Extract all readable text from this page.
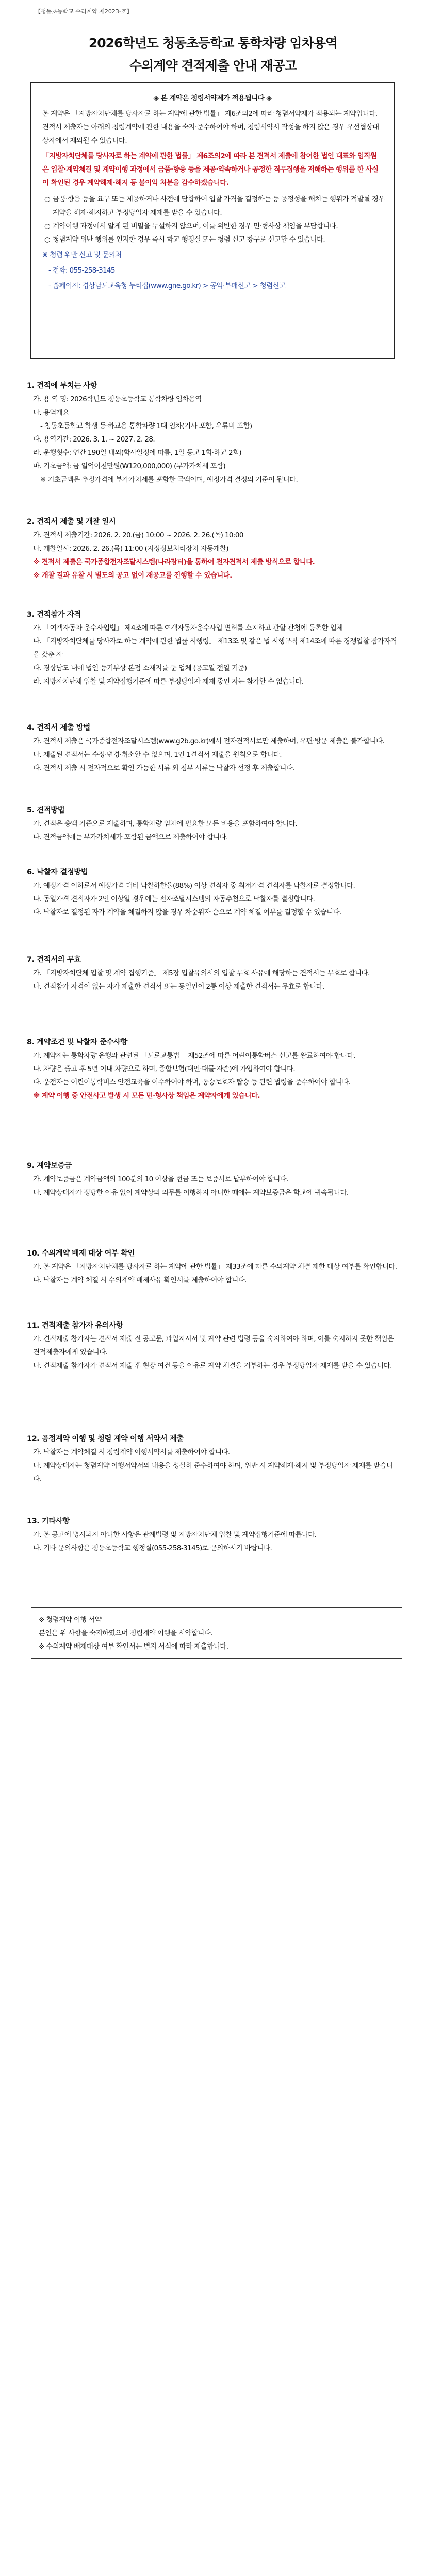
【청동초등학교 수리계약 제2023-호】
2026학년도 청동초등학교 통학차량 임차용역
수의계약 견적제출 안내 재공고
◈ 본 계약은 청렴서약제가 적용됩니다 ◈

본 계약은 「지방자치단체를 당사자로 하는 계약에 관한 법률」 제6조의2에 따라 청렴서약제가 적용되는 계약입니다. 견적서 제출자는 아래의 청렴계약에 관한 내용을 숙지·준수하여야 하며, 청렴서약서 작성을 하지 않은 경우 우선협상대상자에서 제외될 수 있습니다.

「지방자치단체를 당사자로 하는 계약에 관한 법률」 제6조의2에 따라 본 견적서 제출에 참여한 법인 대표와 임직원은 입찰·계약체결 및 계약이행 과정에서 금품·향응 등을 제공·약속하거나 공정한 직무집행을 저해하는 행위를 한 사실이 확인된 경우 계약해제·해지 등 불이익 처분을 감수하겠습니다.

○ 금품·향응 등을 요구 또는 제공하거나 사전에 담합하여 입찰 가격을 결정하는 등 공정성을 해치는 행위가 적발될 경우 계약을 해제·해지하고 부정당업자 제재를 받을 수 있습니다.
○ 계약이행 과정에서 알게 된 비밀을 누설하지 않으며, 이를 위반한 경우 민·형사상 책임을 부담합니다.
○ 청렴계약 위반 행위를 인지한 경우 즉시 학교 행정실 또는 청렴 신고 창구로 신고할 수 있습니다.

※ 청렴 위반 신고 및 문의처

- 전화: 055-258-3145
- 홈페이지: 경상남도교육청 누리집(www.gne.go.kr) > 공익·부패신고 > 청렴신고
1. 견적에 부치는 사항
가. 용 역 명: 2026학년도 청동초등학교 통학차량 임차용역
나. 용역개요
- 청동초등학교 학생 등·하교용 통학차량 1대 임차(기사 포함, 유류비 포함)
다. 용역기간: 2026. 3. 1. ~ 2027. 2. 28.
라. 운행횟수: 연간 190일 내외(학사일정에 따름, 1일 등교 1회·하교 2회)
마. 기초금액: 금 일억이천만원(₩120,000,000) (부가가치세 포함)
※ 기초금액은 추정가격에 부가가치세를 포함한 금액이며, 예정가격 결정의 기준이 됩니다.
2. 견적서 제출 및 개찰 일시
가. 견적서 제출기간: 2026. 2. 20.(금) 10:00 ~ 2026. 2. 26.(목) 10:00
나. 개찰일시: 2026. 2. 26.(목) 11:00 (지정정보처리장치 자동개찰)
※ 견적서 제출은 국가종합전자조달시스템(나라장터)을 통하여 전자견적서 제출 방식으로 합니다.
※ 개찰 결과 유찰 시 별도의 공고 없이 재공고를 진행할 수 있습니다.
3. 견적참가 자격
가. 「여객자동차 운수사업법」 제4조에 따른 여객자동차운수사업 면허를 소지하고 관할 관청에 등록한 업체
나. 「지방자치단체를 당사자로 하는 계약에 관한 법률 시행령」 제13조 및 같은 법 시행규칙 제14조에 따른 경쟁입찰 참가자격을 갖춘 자
다. 경상남도 내에 법인 등기부상 본점 소재지를 둔 업체 (공고일 전일 기준)
라. 지방자치단체 입찰 및 계약집행기준에 따른 부정당업자 제재 중인 자는 참가할 수 없습니다.
4. 견적서 제출 방법
가. 견적서 제출은 국가종합전자조달시스템(www.g2b.go.kr)에서 전자견적서로만 제출하며, 우편·방문 제출은 불가합니다.
나. 제출된 견적서는 수정·변경·취소할 수 없으며, 1인 1견적서 제출을 원칙으로 합니다.
다. 견적서 제출 시 전자적으로 확인 가능한 서류 외 첨부 서류는 낙찰자 선정 후 제출합니다.
5. 견적방법
가. 견적은 총액 기준으로 제출하며, 통학차량 임차에 필요한 모든 비용을 포함하여야 합니다.
나. 견적금액에는 부가가치세가 포함된 금액으로 제출하여야 합니다.
6. 낙찰자 결정방법
가. 예정가격 이하로서 예정가격 대비 낙찰하한율(88%) 이상 견적자 중 최저가격 견적자를 낙찰자로 결정합니다.
나. 동일가격 견적자가 2인 이상일 경우에는 전자조달시스템의 자동추첨으로 낙찰자를 결정합니다.
다. 낙찰자로 결정된 자가 계약을 체결하지 않을 경우 차순위자 순으로 계약 체결 여부를 결정할 수 있습니다.
7. 견적서의 무효
가. 「지방자치단체 입찰 및 계약 집행기준」 제5장 입찰유의서의 입찰 무효 사유에 해당하는 견적서는 무효로 합니다.
나. 견적참가 자격이 없는 자가 제출한 견적서 또는 동일인이 2통 이상 제출한 견적서는 무효로 합니다.
8. 계약조건 및 낙찰자 준수사항
가. 계약자는 통학차량 운행과 관련된 「도로교통법」 제52조에 따른 어린이통학버스 신고를 완료하여야 합니다.
나. 차량은 출고 후 5년 이내 차량으로 하며, 종합보험(대인·대물·자손)에 가입하여야 합니다.
다. 운전자는 어린이통학버스 안전교육을 이수하여야 하며, 동승보호자 탑승 등 관련 법령을 준수하여야 합니다.
※ 계약 이행 중 안전사고 발생 시 모든 민·형사상 책임은 계약자에게 있습니다.
9. 계약보증금
가. 계약보증금은 계약금액의 100분의 10 이상을 현금 또는 보증서로 납부하여야 합니다.
나. 계약상대자가 정당한 이유 없이 계약상의 의무를 이행하지 아니한 때에는 계약보증금은 학교에 귀속됩니다.
10. 수의계약 배제 대상 여부 확인
가. 본 계약은 「지방자치단체를 당사자로 하는 계약에 관한 법률」 제33조에 따른 수의계약 체결 제한 대상 여부를 확인합니다.
나. 낙찰자는 계약 체결 시 수의계약 배제사유 확인서를 제출하여야 합니다.
11. 견적제출 참가자 유의사항
가. 견적제출 참가자는 견적서 제출 전 공고문, 과업지시서 및 계약 관련 법령 등을 숙지하여야 하며, 이를 숙지하지 못한 책임은 견적제출자에게 있습니다.
나. 견적제출 참가자가 견적서 제출 후 현장 여건 등을 이유로 계약 체결을 거부하는 경우 부정당업자 제재를 받을 수 있습니다.
12. 공정계약 이행 및 청렴 계약 이행 서약서 제출
가. 낙찰자는 계약체결 시 청렴계약 이행서약서를 제출하여야 합니다.
나. 계약상대자는 청렴계약 이행서약서의 내용을 성실히 준수하여야 하며, 위반 시 계약해제·해지 및 부정당업자 제재를 받습니다.
13. 기타사항
가. 본 공고에 명시되지 아니한 사항은 관계법령 및 지방자치단체 입찰 및 계약집행기준에 따릅니다.
나. 기타 문의사항은 청동초등학교 행정실(055-258-3145)로 문의하시기 바랍니다.
※ 청렴계약 이행 서약
본인은 위 사항을 숙지하였으며 청렴계약 이행을 서약합니다.
※ 수의계약 배제대상 여부 확인서는 별지 서식에 따라 제출합니다.
